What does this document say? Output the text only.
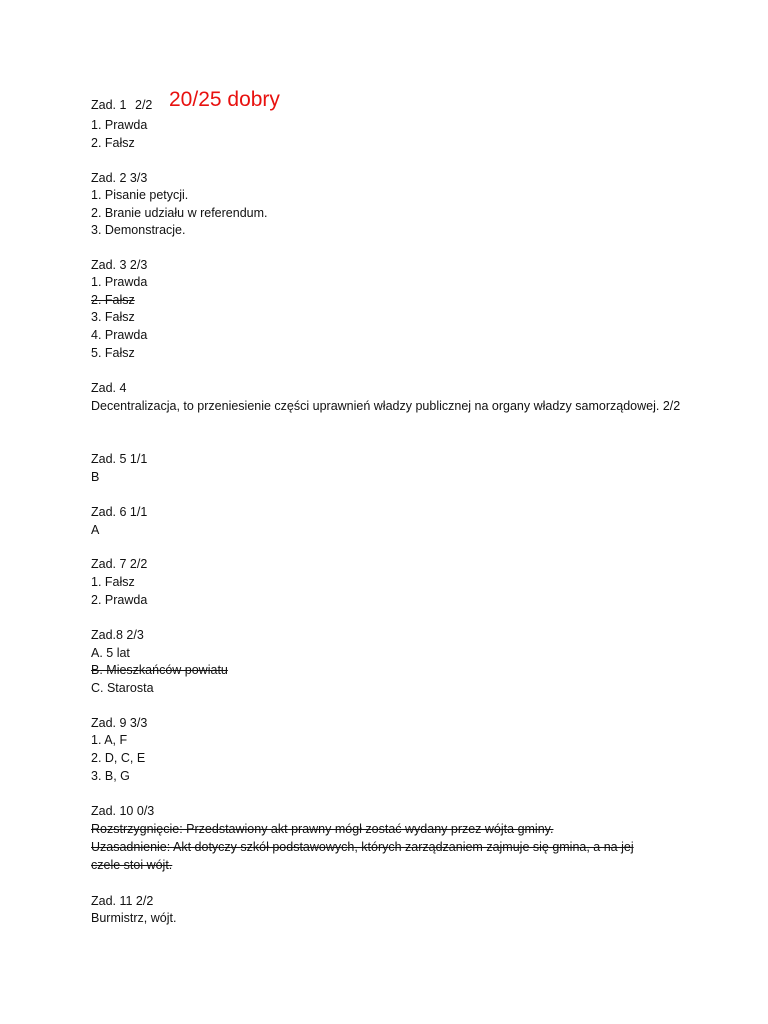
Zad. 1 2/2 20/25 dobry
1. Prawda
2. Fałsz
Zad. 2 3/3
1. Pisanie petycji.
2. Branie udziału w referendum.
3. Demonstracje.
Zad. 3 2/3
1. Prawda
2. Fałsz
3. Fałsz
4. Prawda
5. Fałsz
Zad. 4
Decentralizacja, to przeniesienie części uprawnień władzy publicznej na organy władzy samorządowej. 2/2
Zad. 5 1/1
B
Zad. 6 1/1
A
Zad. 7 2/2
1. Fałsz
2. Prawda
Zad.8 2/3
A. 5 lat
B. Mieszkańców powiatu
C. Starosta
Zad. 9 3/3
1. A, F
2. D, C, E
3. B, G
Zad. 10 0/3
Rozstrzygnięcie: Przedstawiony akt prawny mógł zostać wydany przez wójta gminy.
Uzasadnienie: Akt dotyczy szkół podstawowych, których zarządzaniem zajmuje się gmina, a na jej czele stoi wójt.
Zad. 11 2/2
Burmistrz, wójt.
